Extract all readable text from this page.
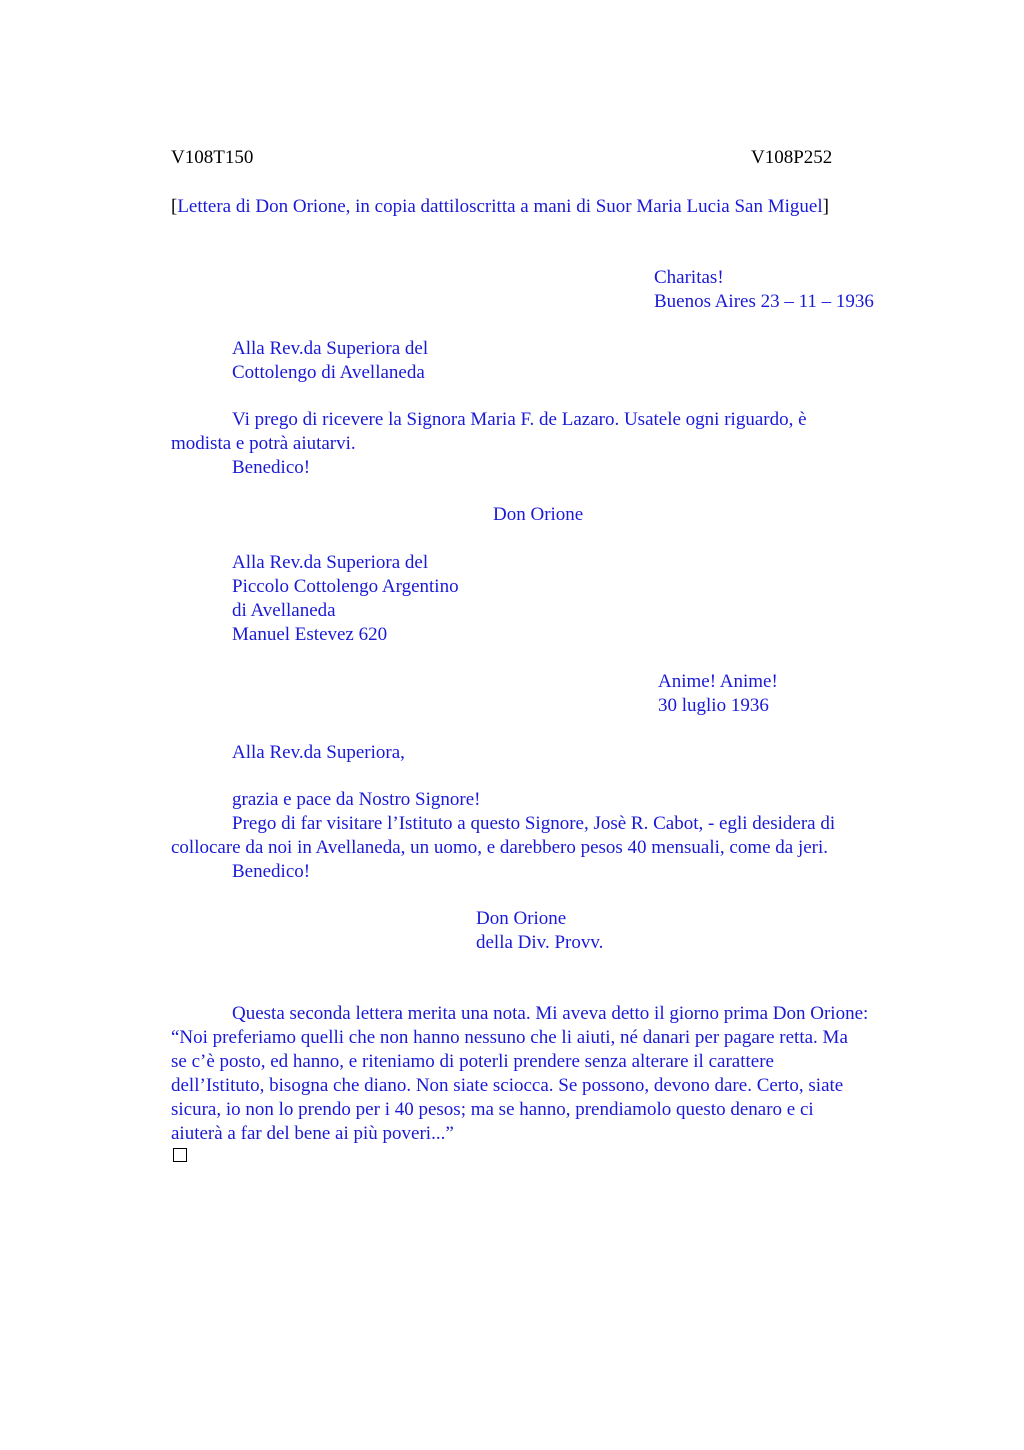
V108T150	V108P252
[Lettera di Don Orione, in copia dattiloscritta a mani di Suor Maria Lucia San Miguel]
Charitas!
Buenos Aires 23 – 11 – 1936
Alla Rev.da Superiora del
Cottolengo di Avellaneda
Vi prego di ricevere la Signora Maria F. de Lazaro. Usatele ogni riguardo, è
modista e potrà aiutarvi.
Benedico!
Don Orione
Alla Rev.da Superiora del
Piccolo Cottolengo Argentino
di Avellaneda
Manuel Estevez 620
Anime! Anime!
30 luglio 1936
Alla Rev.da Superiora,
grazia e pace da Nostro Signore!
Prego di far visitare l’Istituto a questo Signore, Josè R. Cabot, - egli desidera di
collocare da noi in Avellaneda, un uomo, e darebbero pesos 40 mensuali, come da jeri.
Benedico!
Don Orione
della Div. Provv.
Questa seconda lettera merita una nota. Mi aveva detto il giorno prima Don Orione:
“Noi preferiamo quelli che non hanno nessuno che li aiuti, né danari per pagare retta. Ma
se c’è posto, ed hanno, e riteniamo di poterli prendere senza alterare il carattere
dell’Istituto, bisogna che diano. Non siate sciocca. Se possono, devono dare. Certo, siate
sicura, io non lo prendo per i 40 pesos; ma se hanno, prendiamolo questo denaro e ci
aiuterà a far del bene ai più poveri...”
